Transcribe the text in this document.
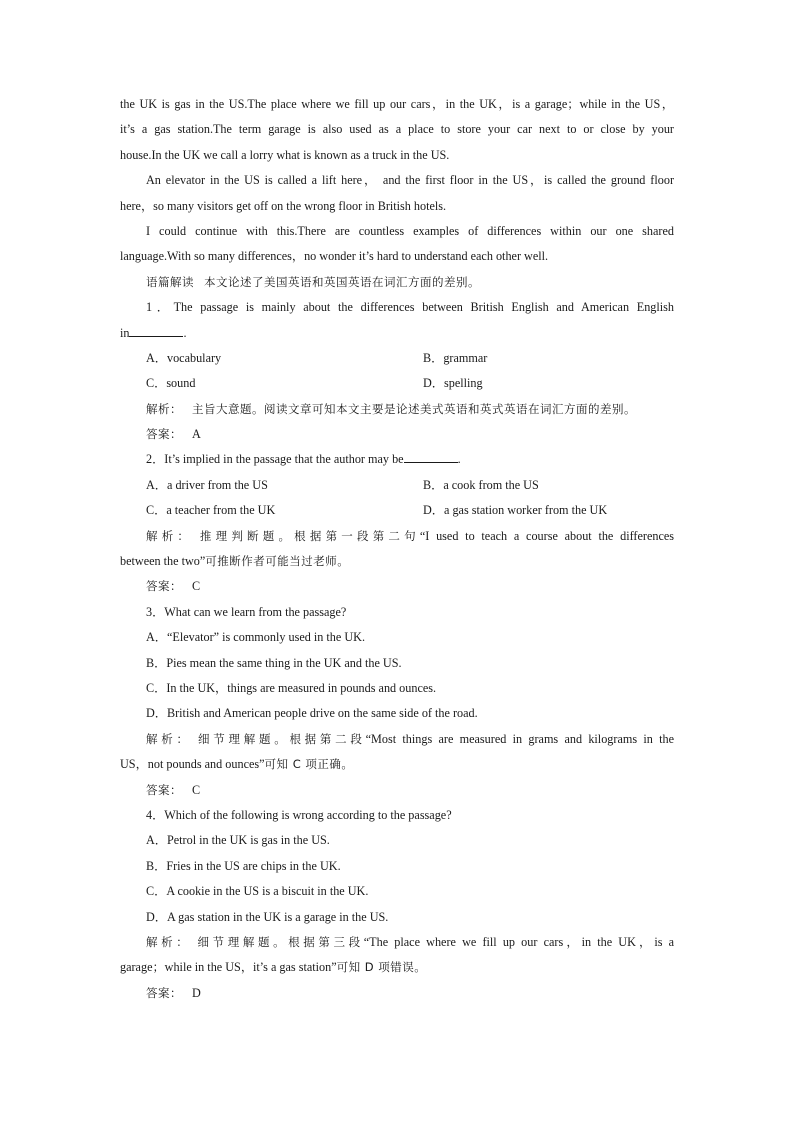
the UK is gas in the US.The place where we fill up our cars，in the UK，is a garage；while in the US，
it’s a gas station.The term garage is also used as a place to store your car next to or close by your
house.In the UK we call a lorry what is known as a truck in the US.
An elevator in the US is called a lift here， and the first floor in the US，is called the ground floor
here，so many visitors get off on the wrong floor in British hotels.
I could continue with this.There are countless examples of differences within our one shared
language.With so many differences，no wonder it’s hard to understand each other well.
语篇解读 本文论述了美国英语和英国英语在词汇方面的差别。
1．The passage is mainly about the differences between British English and American English
in	.
A．vocabulary	B．grammar
C．sound	D．spelling
解析： 主旨大意题。阅读文章可知本文主要是论述美式英语和英式英语在词汇方面的差别。
答案： A
2．It’s implied in the passage that the author may be	.
A．a driver from the US	B．a cook from the US
C．a teacher from the UK	D．a gas station worker from the UK
解析： 推理判断题。根据第一段第二句“I used to teach a course about the differences
between the two”可推断作者可能当过老师。
答案： C
3．What can we learn from the passage?
A．“Elevator” is commonly used in the UK.
B．Pies mean the same thing in the UK and the US.
C．In the UK，things are measured in pounds and ounces.
D．British and American people drive on the same side of the road.
解析： 细节理解题。根据第二段“Most things are measured in grams and kilograms in the
US，not pounds and ounces”可知 C 项正确。
答案： C
4．Which of the following is wrong according to the passage?
A．Petrol in the UK is gas in the US.
B．Fries in the US are chips in the UK.
C．A cookie in the US is a biscuit in the UK.
D．A gas station in the UK is a garage in the US.
解析： 细节理解题。根据第三段“The place where we fill up our cars，in the UK，is a
garage；while in the US，it’s a gas station”可知 D 项错误。
答案： D
